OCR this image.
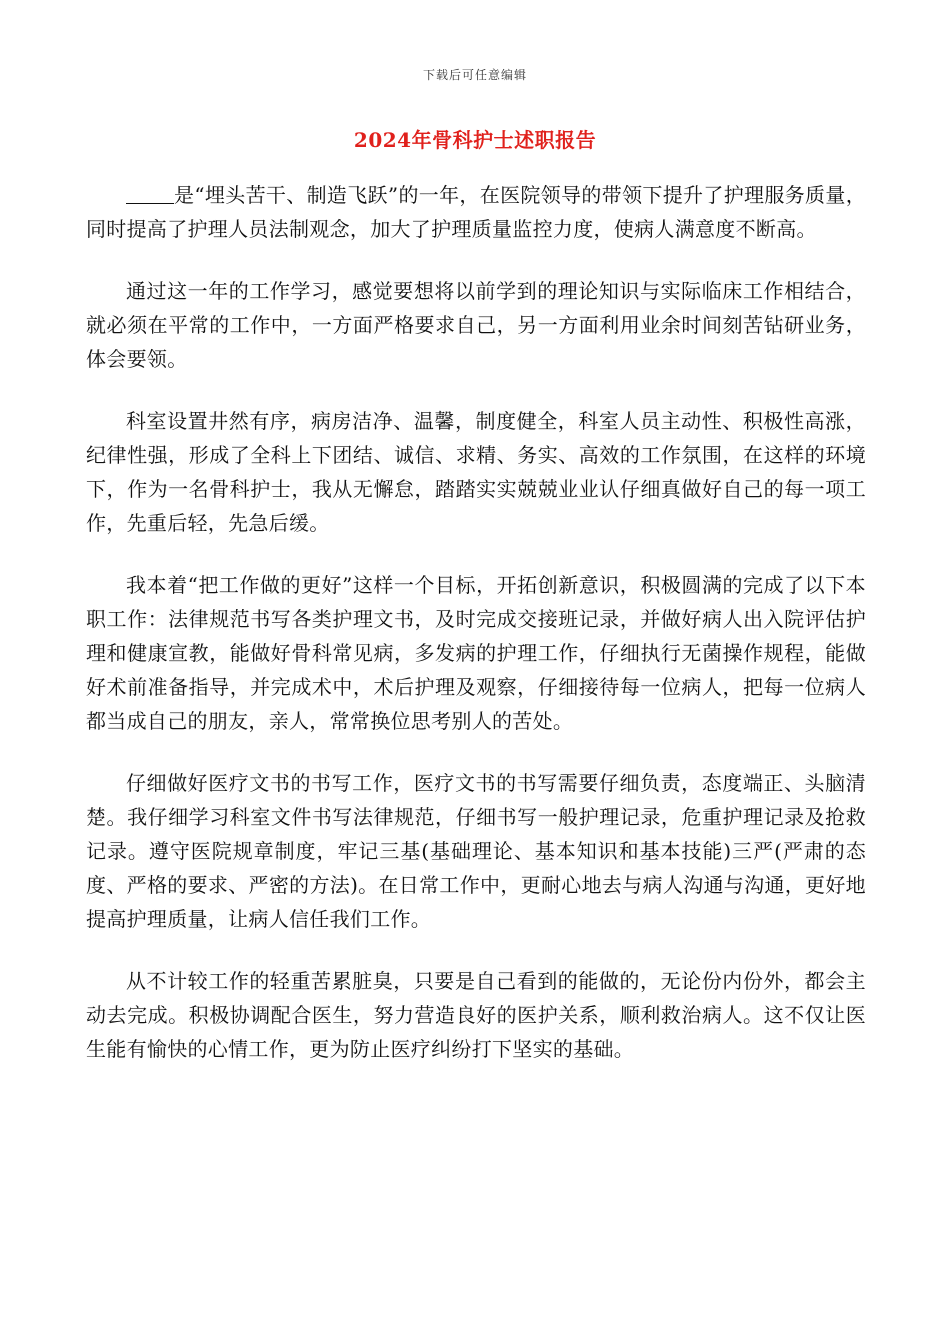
下载后可任意编辑
2024年骨科护士述职报告

是“埋头苦干、制造飞跃”的一年，在医院领导的带领下提升了护理服务质量，同时提高了护理人员法制观念，加大了护理质量监控力度，使病人满意度不断高。

通过这一年的工作学习，感觉要想将以前学到的理论知识与实际临床工作相结合，就必须在平常的工作中，一方面严格要求自己，另一方面利用业余时间刻苦钻研业务，体会要领。

科室设置井然有序，病房洁净、温馨，制度健全，科室人员主动性、积极性高涨，纪律性强，形成了全科上下团结、诚信、求精、务实、高效的工作氛围，在这样的环境下，作为一名骨科护士，我从无懈怠，踏踏实实兢兢业业认仔细真做好自己的每一项工作，先重后轻，先急后缓。

我本着“把工作做的更好”这样一个目标，开拓创新意识，积极圆满的完成了以下本职工作：法律规范书写各类护理文书，及时完成交接班记录，并做好病人出入院评估护理和健康宣教，能做好骨科常见病，多发病的护理工作，仔细执行无菌操作规程，能做好术前准备指导，并完成术中，术后护理及观察，仔细接待每一位病人，把每一位病人都当成自己的朋友，亲人，常常换位思考别人的苦处。

仔细做好医疗文书的书写工作，医疗文书的书写需要仔细负责，态度端正、头脑清楚。我仔细学习科室文件书写法律规范，仔细书写一般护理记录，危重护理记录及抢救记录。遵守医院规章制度，牢记三基(基础理论、基本知识和基本技能)三严(严肃的态度、严格的要求、严密的方法)。在日常工作中，更耐心地去与病人沟通与沟通，更好地提高护理质量，让病人信任我们工作。

从不计较工作的轻重苦累脏臭，只要是自己看到的能做的，无论份内份外，都会主动去完成。积极协调配合医生，努力营造良好的医护关系，顺利救治病人。这不仅让医生能有愉快的心情工作，更为防止医疗纠纷打下坚实的基础。
